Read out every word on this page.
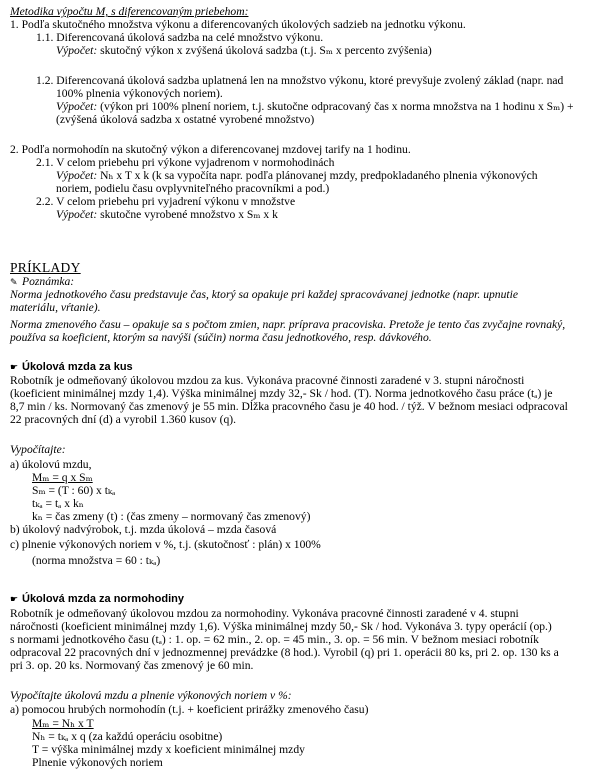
Metodika výpočtu M, s diferencovaným priebehom:
1. Podľa skutočného množstva výkonu a diferencovaných úkolových sadzieb na jednotku výkonu.
1.1. Diferencovaná úkolová sadzba na celé množstvo výkonu.
Výpočet: skutočný výkon x zvýšená úkolová sadzba (t.j. Sₘ x percento zvýšenia)
1.2. Diferencovaná úkolová sadzba uplatnená len na množstvo výkonu, ktoré prevyšuje zvolený základ (napr. nad
100% plnenia výkonových noriem).
Výpočet: (výkon pri 100% plnení noriem, t.j. skutočne odpracovaný čas x norma množstva na 1 hodinu x Sₘ) +
(zvýšená úkolová sadzba x ostatné vyrobené množstvo)
2. Podľa normohodín na skutočný výkon a diferencovanej mzdovej tarify na 1 hodinu.
2.1. V celom priebehu pri výkone vyjadrenom v normohodinách
Výpočet: Nₕ x T x k (k sa vypočíta napr. podľa plánovanej mzdy, predpokladaného plnenia výkonových
noriem, podielu času ovplyvniteľného pracovníkmi a pod.)
2.2. V celom priebehu pri vyjadrení výkonu v množstve
Výpočet: skutočne vyrobené množstvo x Sₘ x k
PRÍKLADY
✎ Poznámka:
Norma jednotkového času predstavuje čas, ktorý sa opakuje pri každej spracovávanej jednotke (napr. upnutie
materiálu, vŕtanie).
Norma zmenového času – opakuje sa s počtom zmien, napr. príprava pracoviska. Pretože je tento čas zvyčajne rovnaký,
používa sa koeficient, ktorým sa navýši (súčin) norma času jednotkového, resp. dávkového.
☛ Úkolová mzda za kus
Robotník je odmeňovaný úkolovou mzdou za kus. Vykonáva pracovné činnosti zaradené v 3. stupni náročnosti
(koeficient minimálnej mzdy 1,4). Výška minimálnej mzdy 32,- Sk / hod. (T). Norma jednotkového času práce (tₐ) je
8,7 min / ks. Normovaný čas zmenový je 55 min. Dĺžka pracovného času je 40 hod. / týž. V bežnom mesiaci odpracoval
22 pracovných dní (d) a vyrobil 1.360 kusov (q).
Vypočítajte:
a) úkolovú mzdu,
Mₘ = q x Sₘ
Sₘ = (T : 60) x tₖₐ
tₖₐ = tₐ x kₙ
kₙ = čas zmeny (t) : (čas zmeny – normovaný čas zmenový)
b) úkolový nadvýrobok, t.j. mzda úkolová – mzda časová
c) plnenie výkonových noriem v %, t.j. (skutočnosť : plán) x 100%
(norma množstva = 60 : tₖₐ)
☛ Úkolová mzda za normohodiny
Robotník je odmeňovaný úkolovou mzdou za normohodiny. Vykonáva pracovné činnosti zaradené v 4. stupni
náročnosti (koeficient minimálnej mzdy 1,6). Výška minimálnej mzdy 50,- Sk / hod. Vykonáva 3. typy operácií (op.)
s normami jednotkového času (tₐ) : 1. op. = 62 min., 2. op. = 45 min., 3. op. = 56 min. V bežnom mesiaci robotník
odpracoval 22 pracovných dní v jednozmennej prevádzke (8 hod.). Vyrobil (q) pri 1. operácii 80 ks, pri 2. op. 130 ks a
pri 3. op. 20 ks. Normovaný čas zmenový je 60 min.
Vypočítajte úkolovú mzdu a plnenie výkonových noriem v %:
a) pomocou hrubých normohodín (t.j. + koeficient prirážky zmenového času)
Mₘ = Nₕ x T
Nₕ = tₖₐ x q (za každú operáciu osobitne)
T = výška minimálnej mzdy x koeficient minimálnej mzdy
Plnenie výkonových noriem
